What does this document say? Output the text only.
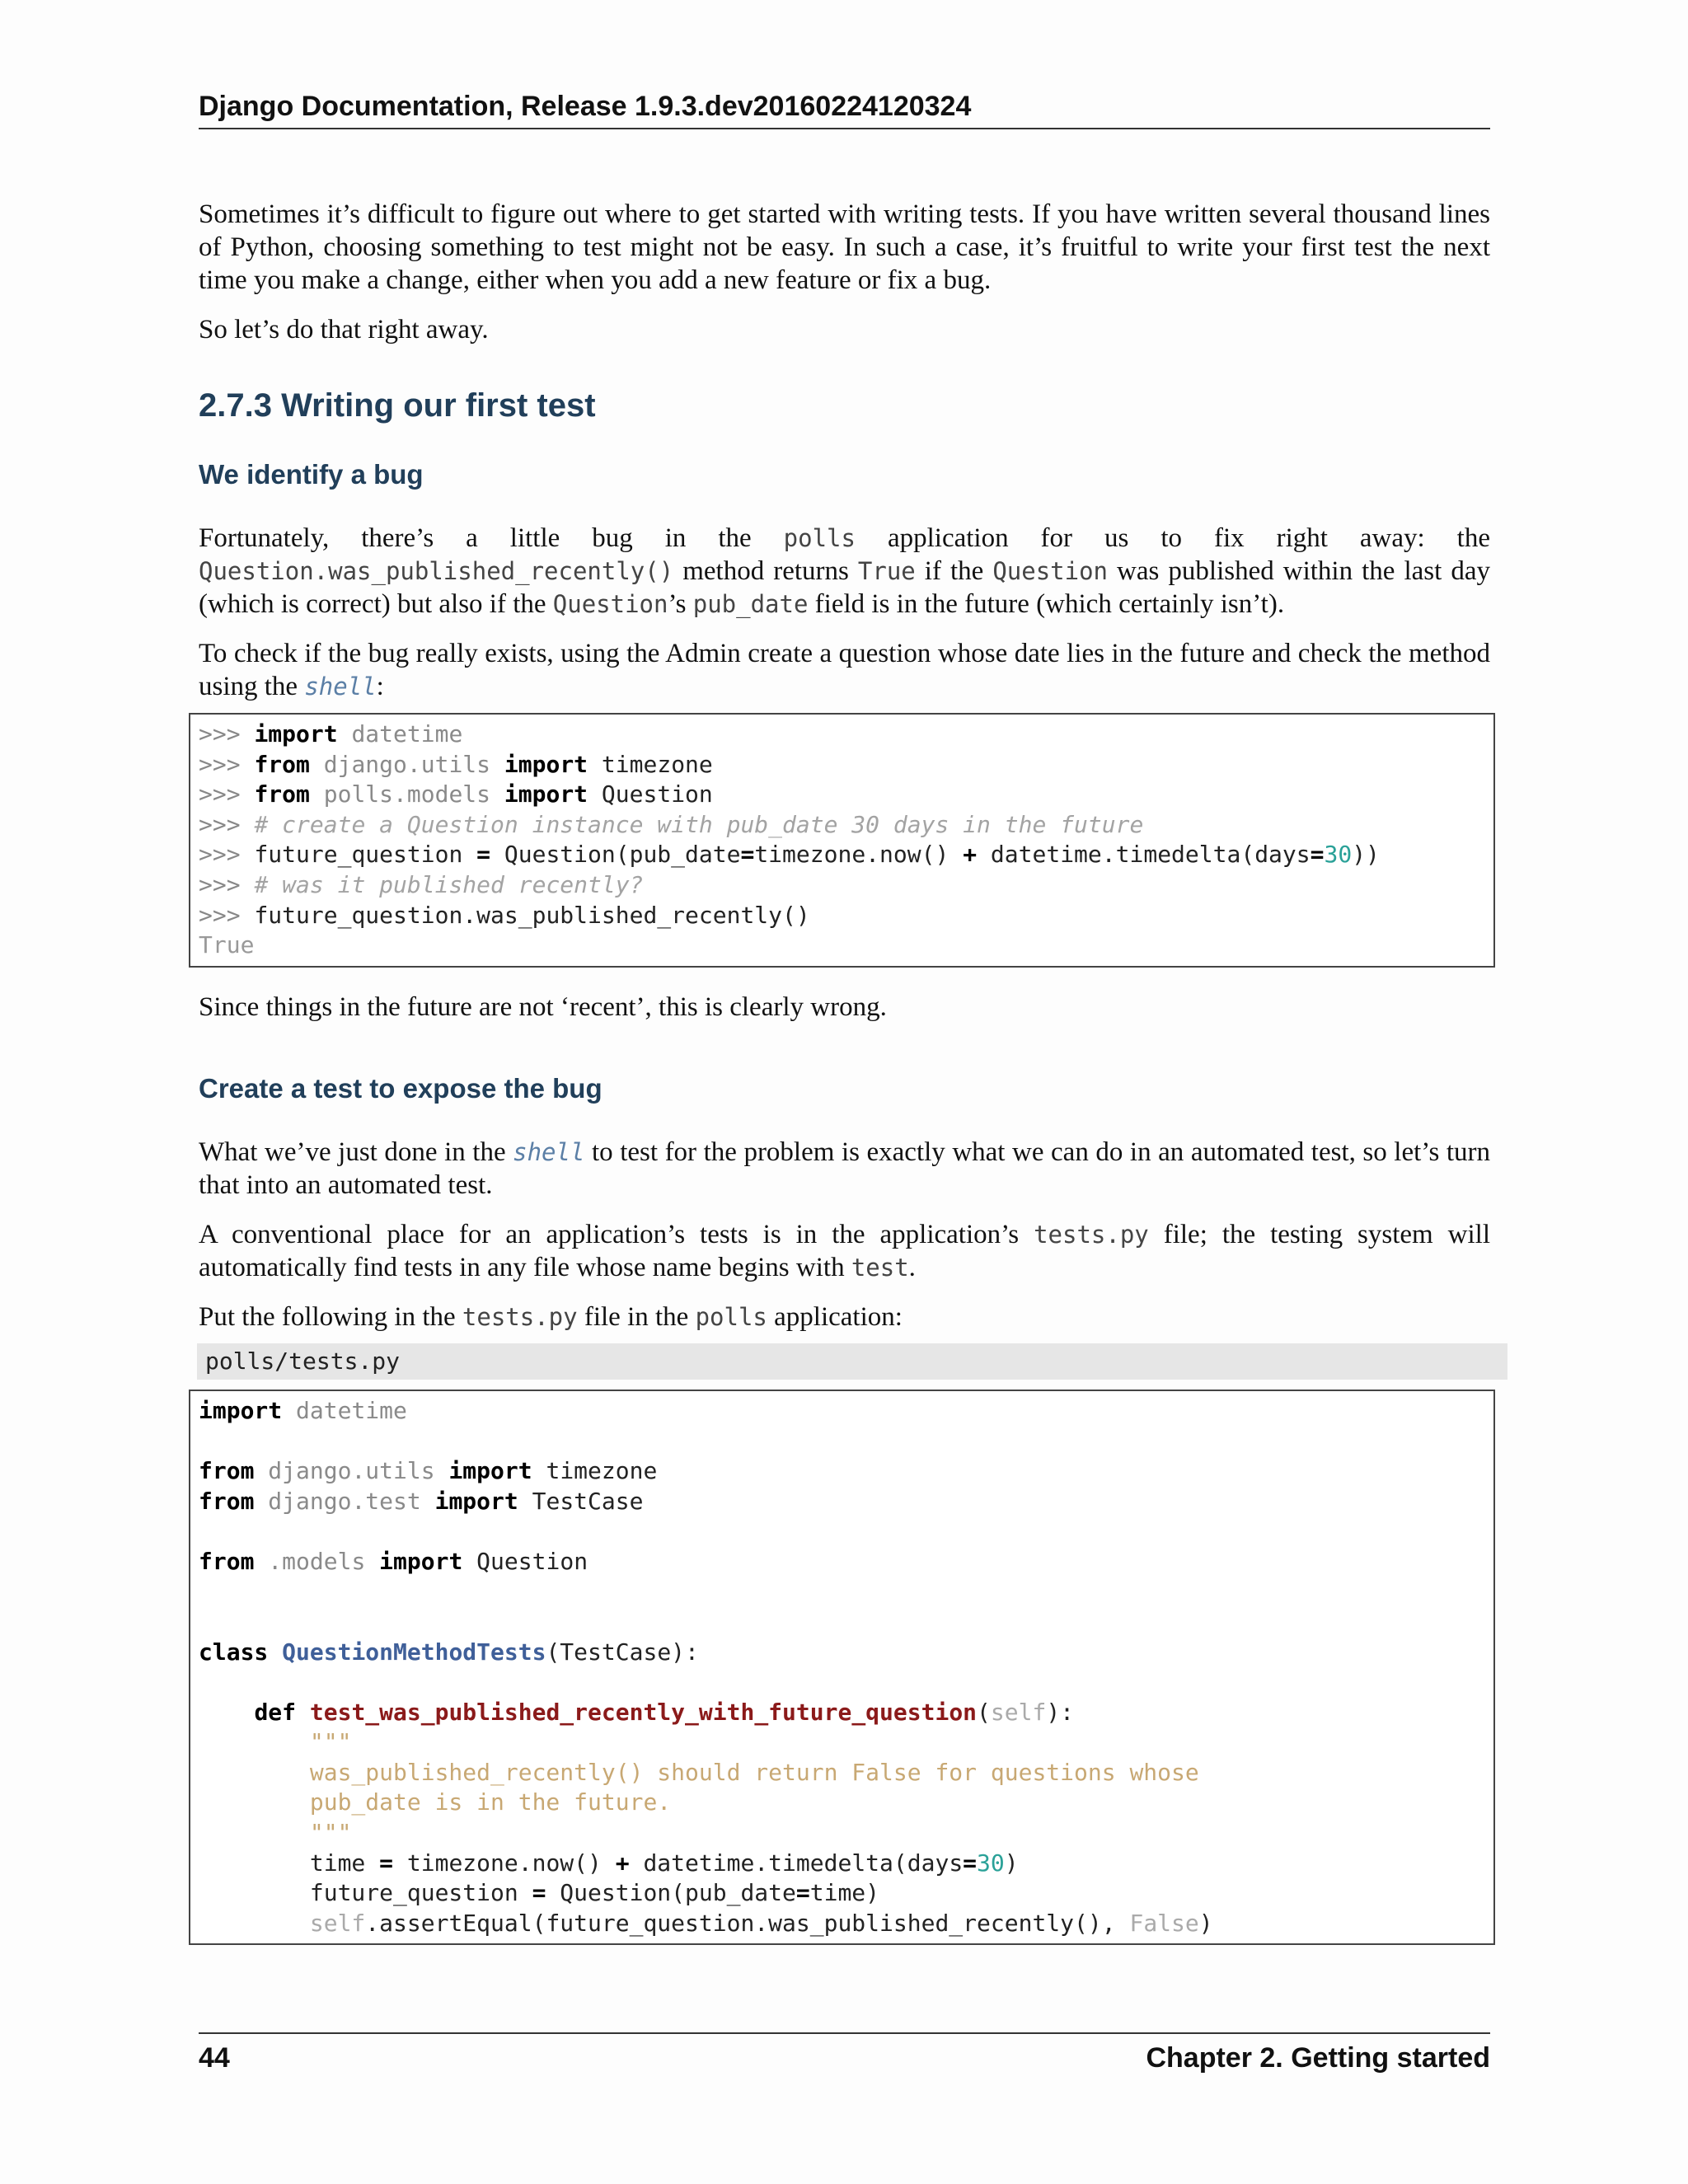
Django Documentation, Release 1.9.3.dev20160224120324

Sometimes it’s difficult to figure out where to get started with writing tests. If you have written several thousand lines of Python, choosing something to test might not be easy. In such a case, it’s fruitful to write your first test the next time you make a change, either when you add a new feature or fix a bug.

So let’s do that right away.

2.7.3 Writing our first test
We identify a bug

Fortunately, there’s a little bug in the polls application for us to fix right away: the Question.was_published_recently() method returns True if the Question was published within the last day (which is correct) but also if the Question’s pub_date field is in the future (which certainly isn’t).

To check if the bug really exists, using the Admin create a question whose date lies in the future and check the method using the shell:

>>> import datetime
>>> from django.utils import timezone
>>> from polls.models import Question
>>> # create a Question instance with pub_date 30 days in the future
>>> future_question = Question(pub_date=timezone.now() + datetime.timedelta(days=30))
>>> # was it published recently?
>>> future_question.was_published_recently()
True

Since things in the future are not ‘recent’, this is clearly wrong.

Create a test to expose the bug

What we’ve just done in the shell to test for the problem is exactly what we can do in an automated test, so let’s turn that into an automated test.

A conventional place for an application’s tests is in the application’s tests.py file; the testing system will automatically find tests in any file whose name begins with test.

Put the following in the tests.py file in the polls application:

polls/tests.py
import datetime

from django.utils import timezone
from django.test import TestCase

from .models import Question

class QuestionMethodTests(TestCase):

def test_was_published_recently_with_future_question(self):
"""
was_published_recently() should return False for questions whose
pub_date is in the future.
"""
time = timezone.now() + datetime.timedelta(days=30)
future_question = Question(pub_date=time)
self.assertEqual(future_question.was_published_recently(), False)
44	Chapter 2. Getting started
